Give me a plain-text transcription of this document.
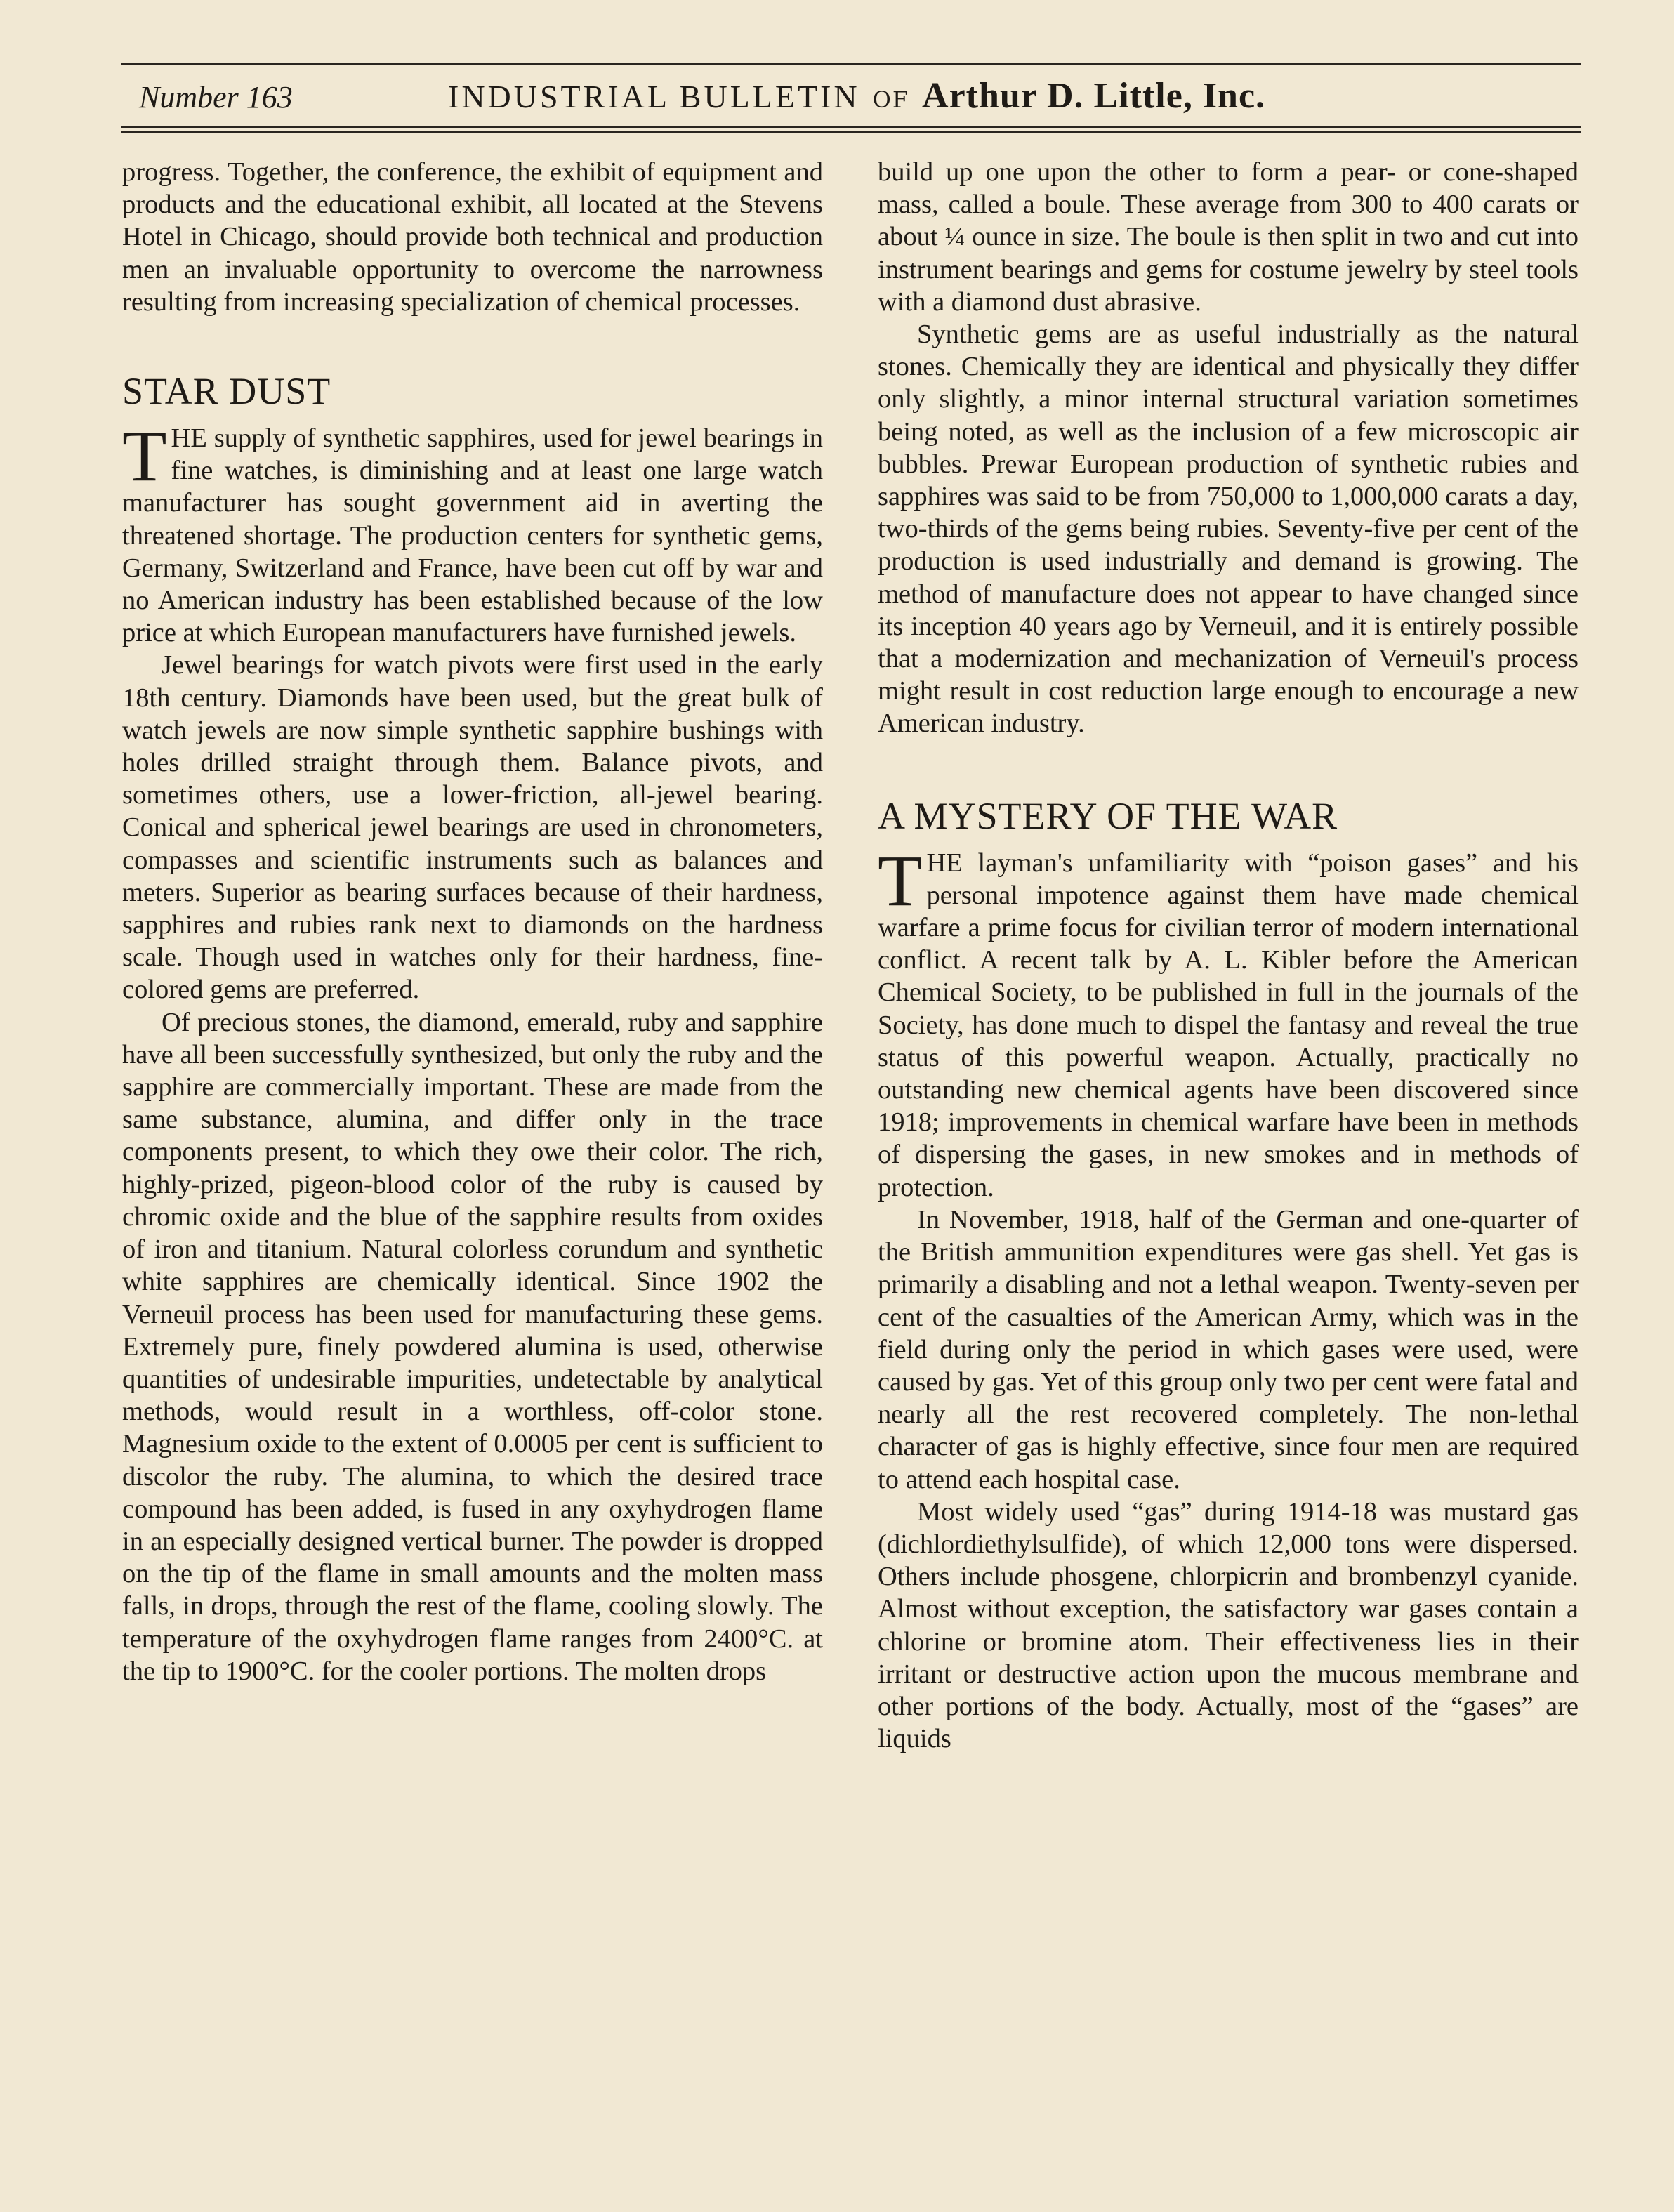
Number 163	INDUSTRIAL BULLETIN OF Arthur D. Little, Inc.

progress. Together, the conference, the exhibit of equipment and products and the educational exhibit, all located at the Stevens Hotel in Chicago, should provide both technical and production men an invaluable opportunity to overcome the narrowness resulting from increasing specialization of chemical processes.

STAR DUST

THE supply of synthetic sapphires, used for jewel bearings in fine watches, is diminishing and at least one large watch manufacturer has sought government aid in averting the threatened shortage. The production centers for synthetic gems, Germany, Switzerland and France, have been cut off by war and no American industry has been established because of the low price at which European manufacturers have furnished jewels.

Jewel bearings for watch pivots were first used in the early 18th century. Diamonds have been used, but the great bulk of watch jewels are now simple synthetic sapphire bushings with holes drilled straight through them. Balance pivots, and sometimes others, use a lower-friction, all-jewel bearing. Conical and spherical jewel bearings are used in chronometers, compasses and scientific instruments such as balances and meters. Superior as bearing surfaces because of their hardness, sapphires and rubies rank next to diamonds on the hardness scale. Though used in watches only for their hardness, fine-colored gems are preferred.

Of precious stones, the diamond, emerald, ruby and sapphire have all been successfully synthesized, but only the ruby and the sapphire are commercially important. These are made from the same substance, alumina, and differ only in the trace components present, to which they owe their color. The rich, highly-prized, pigeon-blood color of the ruby is caused by chromic oxide and the blue of the sapphire results from oxides of iron and titanium. Natural colorless corundum and synthetic white sapphires are chemically identical. Since 1902 the Verneuil process has been used for manufacturing these gems. Extremely pure, finely powdered alumina is used, otherwise quantities of undesirable impurities, undetectable by analytical methods, would result in a worthless, off-color stone. Magnesium oxide to the extent of 0.0005 per cent is sufficient to discolor the ruby. The alumina, to which the desired trace compound has been added, is fused in any oxyhydrogen flame in an especially designed vertical burner. The powder is dropped on the tip of the flame in small amounts and the molten mass falls, in drops, through the rest of the flame, cooling slowly. The temperature of the oxyhydrogen flame ranges from 2400°C. at the tip to 1900°C. for the cooler portions. The molten drops

build up one upon the other to form a pear- or cone-shaped mass, called a boule. These average from 300 to 400 carats or about ¼ ounce in size. The boule is then split in two and cut into instrument bearings and gems for costume jewelry by steel tools with a diamond dust abrasive.

Synthetic gems are as useful industrially as the natural stones. Chemically they are identical and physically they differ only slightly, a minor internal structural variation sometimes being noted, as well as the inclusion of a few microscopic air bubbles. Prewar European production of synthetic rubies and sapphires was said to be from 750,000 to 1,000,000 carats a day, two-thirds of the gems being rubies. Seventy-five per cent of the production is used industrially and demand is growing. The method of manufacture does not appear to have changed since its inception 40 years ago by Verneuil, and it is entirely possible that a modernization and mechanization of Verneuil's process might result in cost reduction large enough to encourage a new American industry.

A MYSTERY OF THE WAR

THE layman's unfamiliarity with “poison gases” and his personal impotence against them have made chemical warfare a prime focus for civilian terror of modern international conflict. A recent talk by A. L. Kibler before the American Chemical Society, to be published in full in the journals of the Society, has done much to dispel the fantasy and reveal the true status of this powerful weapon. Actually, practically no outstanding new chemical agents have been discovered since 1918; improvements in chemical warfare have been in methods of dispersing the gases, in new smokes and in methods of protection.

In November, 1918, half of the German and one-quarter of the British ammunition expenditures were gas shell. Yet gas is primarily a disabling and not a lethal weapon. Twenty-seven per cent of the casualties of the American Army, which was in the field during only the period in which gases were used, were caused by gas. Yet of this group only two per cent were fatal and nearly all the rest recovered completely. The non-lethal character of gas is highly effective, since four men are required to attend each hospital case.

Most widely used “gas” during 1914-18 was mustard gas (dichlordiethylsulfide), of which 12,000 tons were dispersed. Others include phosgene, chlorpicrin and brombenzyl cyanide. Almost without exception, the satisfactory war gases contain a chlorine or bromine atom. Their effectiveness lies in their irritant or destructive action upon the mucous membrane and other portions of the body. Actually, most of the “gases” are liquids
